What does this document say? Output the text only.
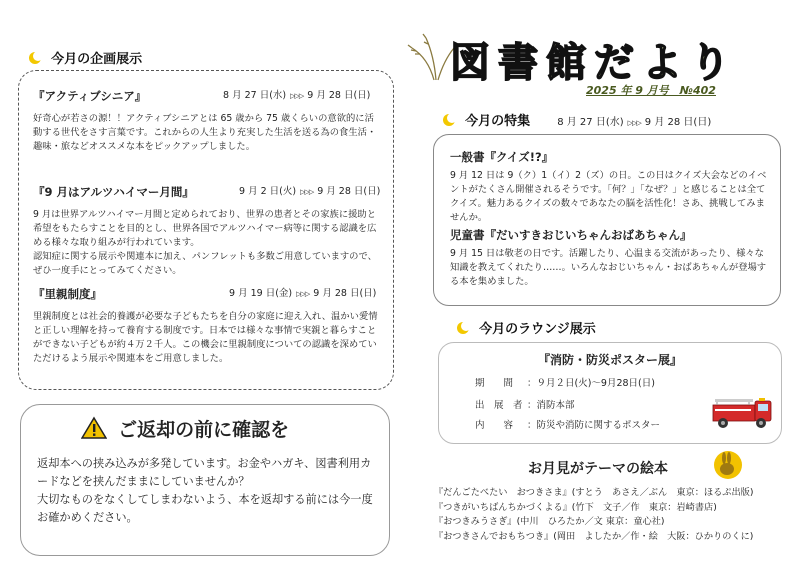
今月の企画展示
『アクティブシニア』	8 月 27 日(水) ▷▷▷ 9 月 28 日(日)

好奇心が若さの源！！アクティブシニアとは 65 歳から 75 歳くらいの意欲的に活動する世代をさす言葉です。これからの人生より充実した生活を送る為の食生活・趣味・旅などオススメな本をピックアップしました。

『9 月はアルツハイマー月間』	9 月 2 日(火) ▷▷▷ 9 月 28 日(日)

9 月は世界アルツハイマー月間と定められており、世界の患者とその家族に援助と希望をもたらすことを目的とし、世界各国でアルツハイマー病等に関する認識を広める様々な取り組みが行われています。
認知症に関する展示や関連本に加え、パンフレットも多数ご用意していますので、ぜひ一度手にとってみてください。

『里親制度』	9 月 19 日(金) ▷▷▷ 9 月 28 日(日)

里親制度とは社会的養護が必要な子どもたちを自分の家庭に迎え入れ、温かい愛情と正しい理解を持って養育する制度です。日本では様々な事情で実親と暮らすことができない子どもが約４万２千人。この機会に里親制度についての認識を深めていただけるよう展示や関連本をご用意しました。

ご返却の前に確認を

返却本への挟み込みが多発しています。お金やハガキ、図書利用カードなどを挟んだままにしていませんか？
大切なものをなくしてしまわないよう、本を返却する前には今一度お確かめください。

図 書 館 だ よ り
2025 年 9 月号　№402
今月の特集	8 月 27 日(水) ▷▷▷ 9 月 28 日(日)
一般書『クイズ!?』

9 月 12 日は 9（ク）1（イ）2（ズ）の日。この日はクイズ大会などのイベントがたくさん開催されるそうです。「何？」「なぜ？」と感じることは全てクイズ。魅力あるクイズの数々であなたの脳を活性化！さあ、挑戦してみませんか。

児童書『だいすきおじいちゃんおばあちゃん』

9 月 15 日は敬老の日です。活躍したり、心温まる交流があったり、様々な知識を教えてくれたり……。いろんなおじいちゃん・おばあちゃんが登場する本を集めました。

今月のラウンジ展示
『消防・防災ポスター展』
期　　間 ：９月２日(火)〜9月28日(日)
出　展　者 ：消防本部
内　　容 ：防災や消防に関するポスター
お月見がテーマの絵本
『だんごたべたい　おつきさま』(すとう　あさえ／ぶん　東京：ほるぷ出版)
『つきがいちばんちかづくよる』(竹下　文子／作　東京：岩崎書店)
『おつきみうさぎ』(中川　ひろたか／文 東京：童心社)
『おつきさんでおもちつき』(岡田　よしたか／作・絵　大阪：ひかりのくに)
